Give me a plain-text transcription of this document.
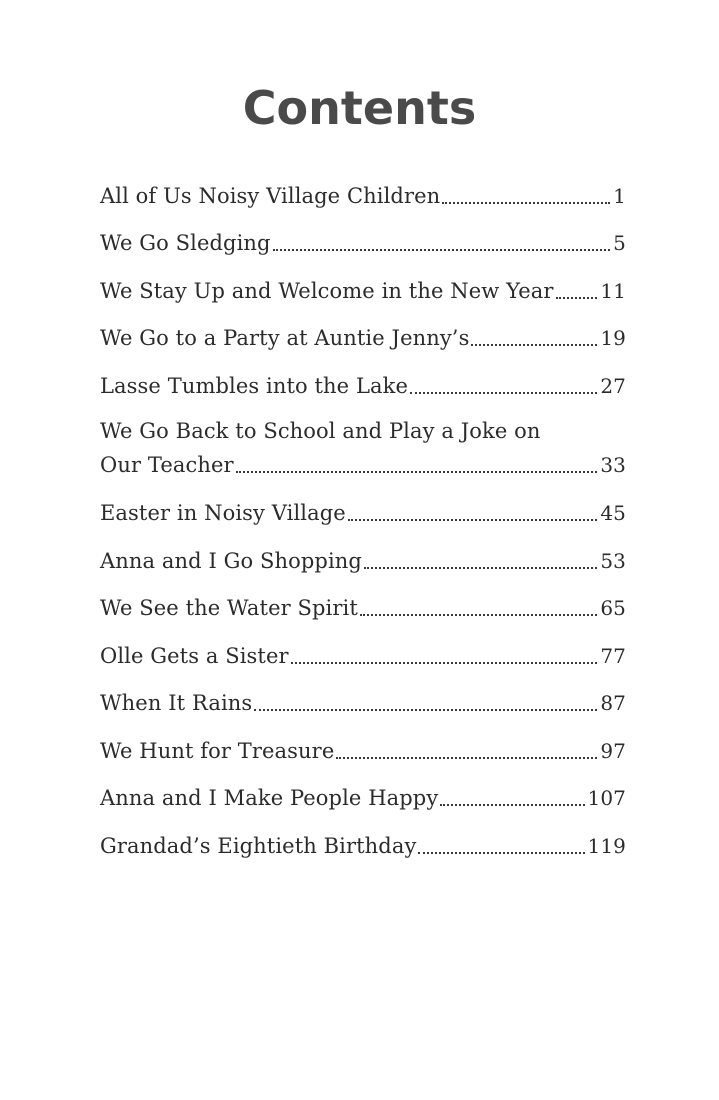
Contents
All of Us Noisy Village Children	1
We Go Sledging	5
We Stay Up and Welcome in the New Year 11
We Go to a Party at Auntie Jenny’s	19
Lasse Tumbles into the Lake	27
We Go Back to School and Play a Joke on
Our Teacher	33
Easter in Noisy Village	45
Anna and I Go Shopping	53
We See the Water Spirit	65
Olle Gets a Sister	77
When It Rains	87
We Hunt for Treasure	97
Anna and I Make People Happy	107
Grandad’s Eightieth Birthday	119
